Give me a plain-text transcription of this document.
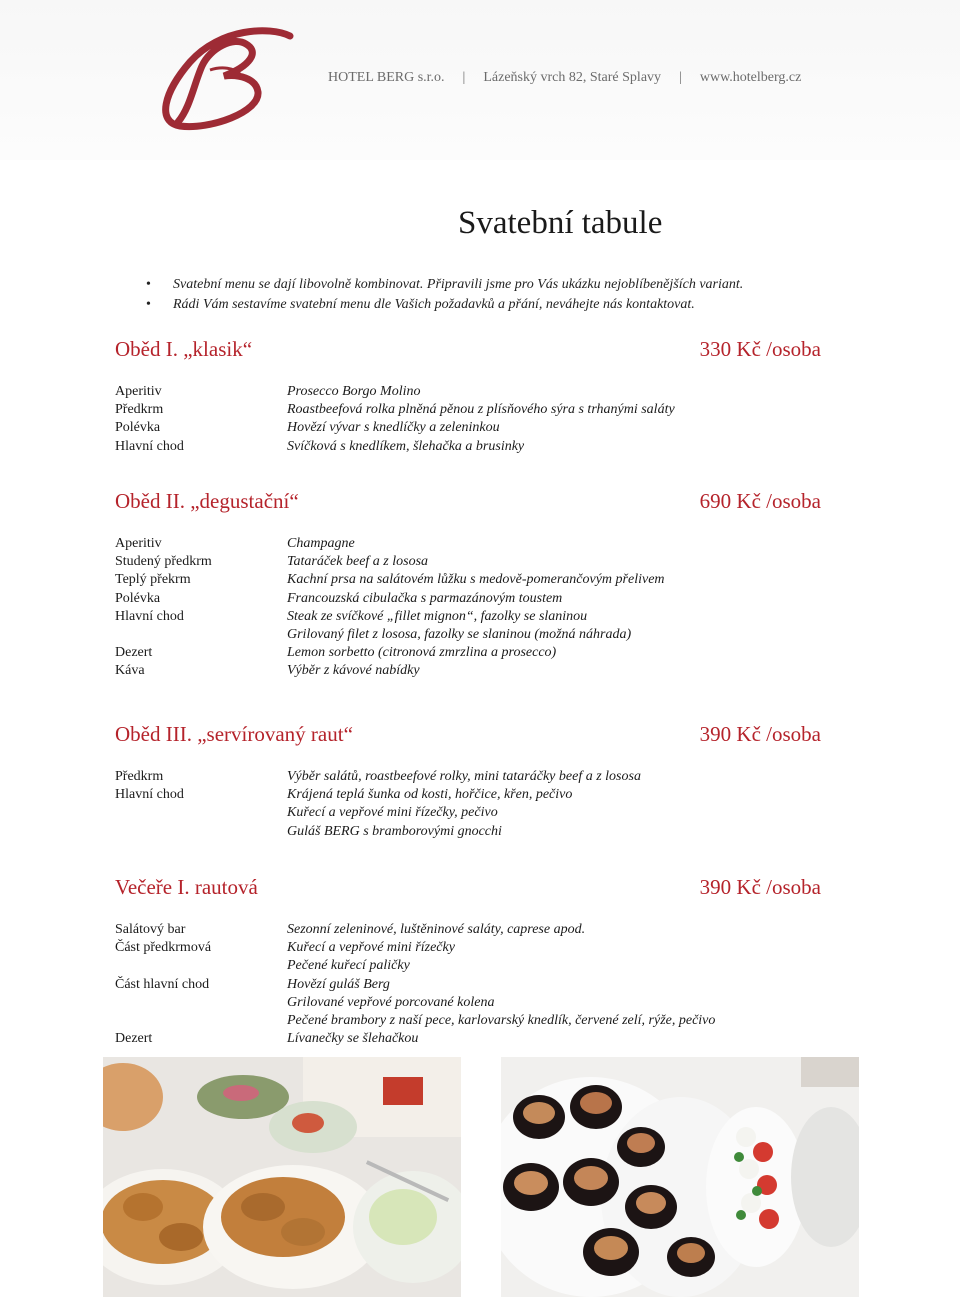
HOTEL BERG s.r.o. | Lázeňský vrch 82, Staré Splavy | www.hotelberg.cz
Svatební tabule
• Svatební menu se dají libovolně kombinovat. Připravili jsme pro Vás ukázku nejoblíbenějších variant.
• Rádi Vám sestavíme svatební menu dle Vašich požadavků a přání, neváhejte nás kontaktovat.
Oběd I. „klasik“	330 Kč /osoba
Aperitiv	Prosecco Borgo Molino
Předkrm	Roastbeefová rolka plněná pěnou z plísňového sýra s trhanými saláty
Polévka	Hovězí vývar s knedlíčky a zeleninkou
Hlavní chod	Svíčková s knedlíkem, šlehačka a brusinky
Oběd II. „degustační“	690 Kč /osoba
Aperitiv	Champagne
Studený předkrm	Tataráček beef a z lososa
Teplý překrm	Kachní prsa na salátovém lůžku s medově-pomerančovým přelivem
Polévka	Francouzská cibulačka s parmazánovým toustem
Hlavní chod	Steak ze svíčkové „fillet mignon“, fazolky se slaninou
Grilovaný filet z lososa, fazolky se slaninou (možná náhrada)
Dezert	Lemon sorbetto (citronová zmrzlina a prosecco)
Káva	Výběr z kávové nabídky
Oběd III. „servírovaný raut“	390 Kč /osoba
Předkrm	Výběr salátů, roastbeefové rolky, mini tataráčky beef a z lososa
Hlavní chod	Krájená teplá šunka od kosti, hořčice, křen, pečivo
Kuřecí a vepřové mini řízečky, pečivo
Guláš BERG s bramborovými gnocchi
Večeře I. rautová	390 Kč /osoba
Salátový bar	Sezonní zeleninové, luštěninové saláty, caprese apod.
Část předkrmová	Kuřecí a vepřové mini řízečky
Pečené kuřecí paličky
Část hlavní chod	Hovězí guláš Berg
Grilované vepřové porcované kolena
Pečené brambory z naší pece, karlovarský knedlík, červené zelí, rýže, pečivo
Dezert	Lívanečky se šlehačkou
